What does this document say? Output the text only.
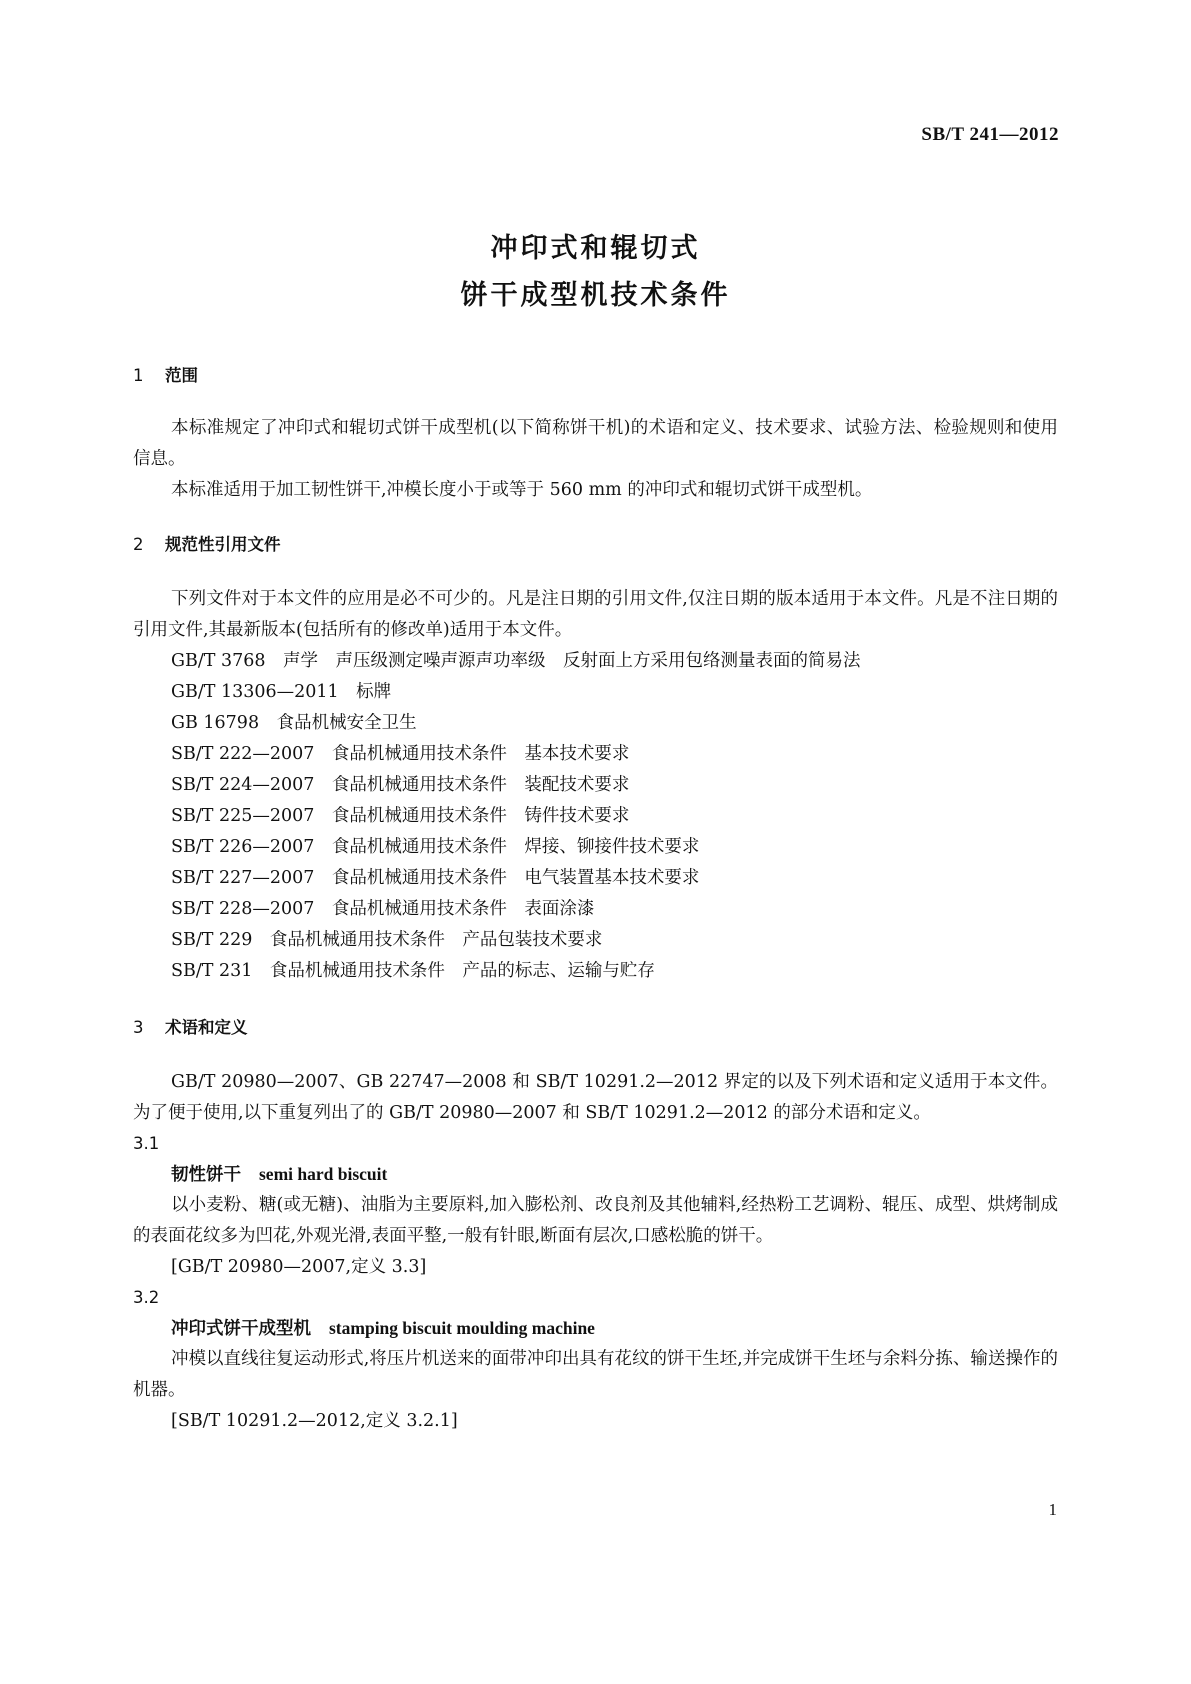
SB/T 241—2012
冲印式和辊切式
饼干成型机技术条件
1 范围

本标准规定了冲印式和辊切式饼干成型机(以下简称饼干机)的术语和定义、技术要求、试验方法、检验规则和使用信息。

本标准适用于加工韧性饼干,冲模长度小于或等于 560 mm 的冲印式和辊切式饼干成型机。

2 规范性引用文件

下列文件对于本文件的应用是必不可少的。凡是注日期的引用文件,仅注日期的版本适用于本文件。凡是不注日期的引用文件,其最新版本(包括所有的修改单)适用于本文件。

GB/T 3768　声学　声压级测定噪声源声功率级　反射面上方采用包络测量表面的简易法
GB/T 13306—2011　标牌
GB 16798　食品机械安全卫生
SB/T 222—2007　食品机械通用技术条件　基本技术要求
SB/T 224—2007　食品机械通用技术条件　装配技术要求
SB/T 225—2007　食品机械通用技术条件　铸件技术要求
SB/T 226—2007　食品机械通用技术条件　焊接、铆接件技术要求
SB/T 227—2007　食品机械通用技术条件　电气装置基本技术要求
SB/T 228—2007　食品机械通用技术条件　表面涂漆
SB/T 229　食品机械通用技术条件　产品包装技术要求
SB/T 231　食品机械通用技术条件　产品的标志、运输与贮存
3 术语和定义

GB/T 20980—2007、GB 22747—2008 和 SB/T 10291.2—2012 界定的以及下列术语和定义适用于本文件。为了便于使用,以下重复列出了的 GB/T 20980—2007 和 SB/T 10291.2—2012 的部分术语和定义。

3.1
韧性饼干 semi hard biscuit

以小麦粉、糖(或无糖)、油脂为主要原料,加入膨松剂、改良剂及其他辅料,经热粉工艺调粉、辊压、成型、烘烤制成的表面花纹多为凹花,外观光滑,表面平整,一般有针眼,断面有层次,口感松脆的饼干。

[GB/T 20980—2007,定义 3.3]
3.2
冲印式饼干成型机 stamping biscuit moulding machine

冲模以直线往复运动形式,将压片机送来的面带冲印出具有花纹的饼干生坯,并完成饼干生坯与余料分拣、输送操作的机器。

[SB/T 10291.2—2012,定义 3.2.1]
1
